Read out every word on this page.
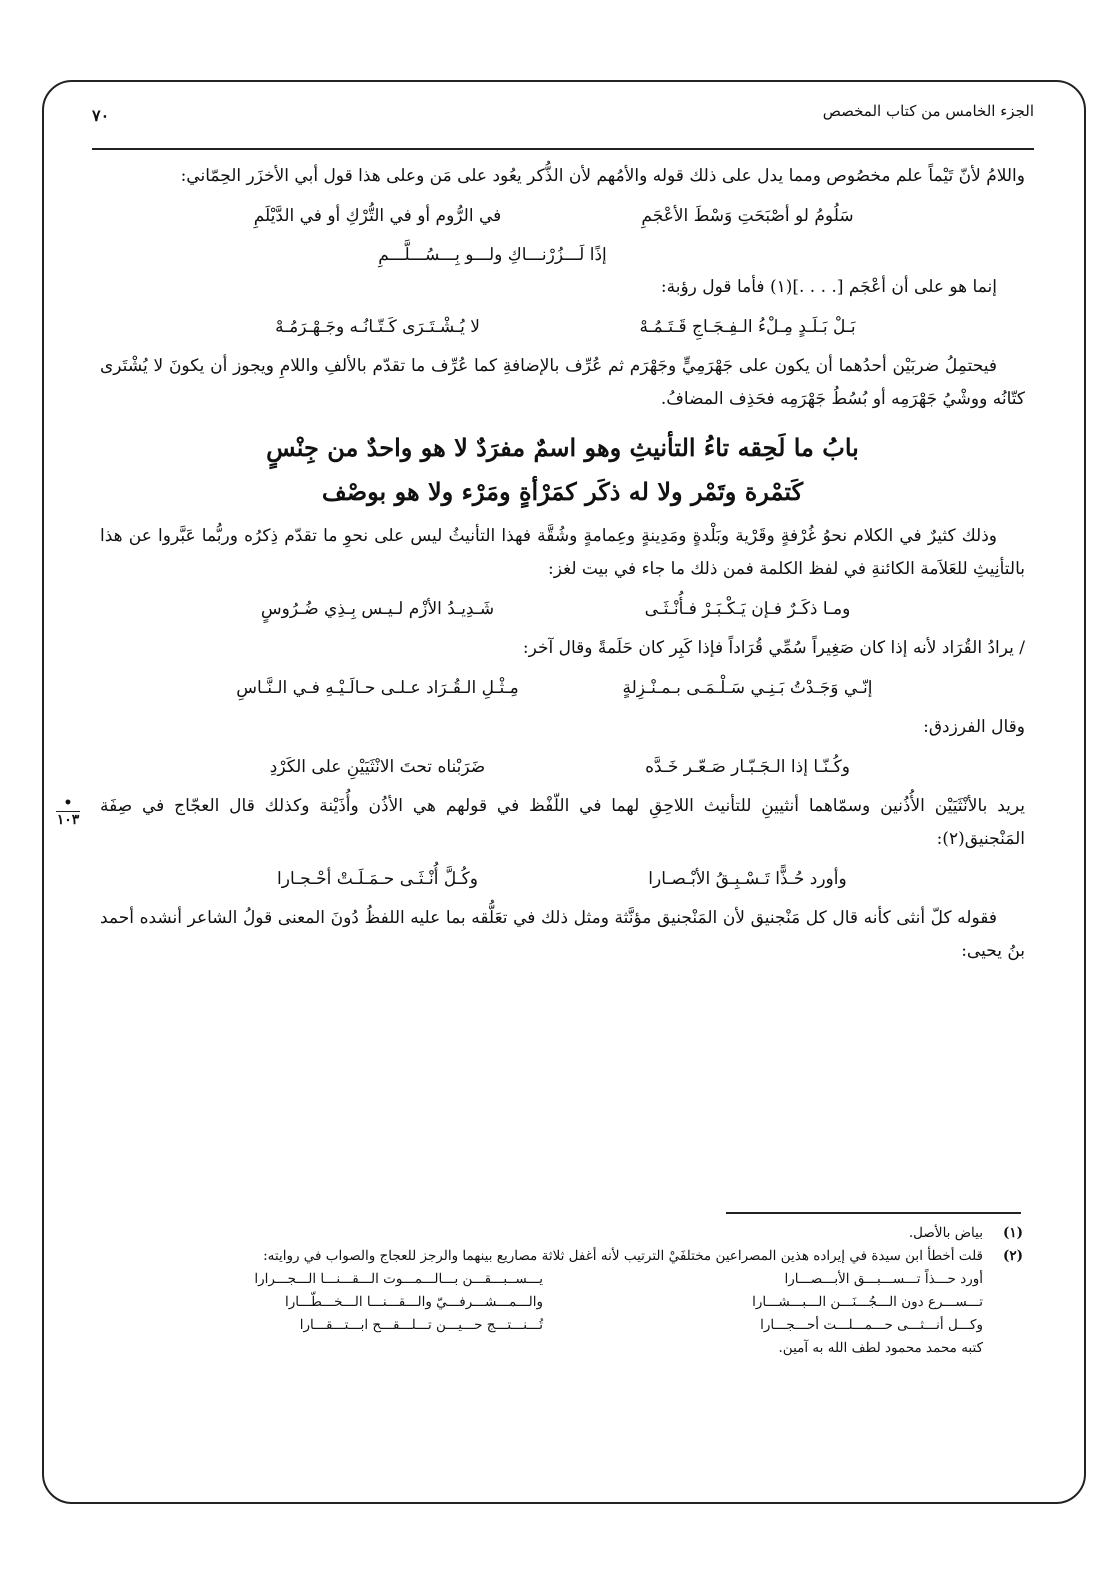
الجزء الخامس من كتاب المخصص
٧٠
•
١٠٣

واللامُ لأنّ تَيْماً علم مخصُوص ومما يدل على ذلك قوله والأمُهم لأن الذُّكر يعُود على مَن وعلى هذا قول أبي الأخزَر الحِمّاني:

سَلُومُ لو أصْبَحَتِ وَسْطَ الأعْجَمِ
في الرُّوم أو في التُّرْكِ أو في الدَّيْلَمِ
إذًا لَـــزُرْنـــاكِ ولـــو بِـــسُـــلَّـــمِ

إنما هو على أن أعْجَم [. . . .](١) فأما قول رؤبة:

بَـلْ بَـلَـدٍ مِـلْءُ الـفِـجَـاجِ قَـتَـمُـهْ
لا يُـشْـتَـرَى كَـتّـانُـه وجَـهْـرَمُـهْ

فيحتمِلُ ضربَيْن أحدُهما أن يكون على جَهْرَمِيٍّ وجَهْرَم ثم عُرِّف بالإضافةِ كما عُرِّف ما تقدّم بالألفِ واللامِ ويجوز أن يكونَ لا يُشْتَرى كتّانُه ووشْيُ جَهْرَمِه أو بُسُطُ جَهْرَمِه فحَذِف المضافُ.

بابُ ما لَحِقه تاءُ التأنيثِ وهو اسمٌ مفرَدٌ لا هو واحدٌ من جِنْسٍ
كَتمْرة وتَمْر ولا له ذكَر كمَرْأةٍ ومَرْء ولا هو بوصْف

وذلك كثيرٌ في الكلام نحوُ غُرْفةٍ وقَرْية وبَلْدةٍ ومَدِينةٍ وعِمامةٍ وشُقَّة فهذا التأنيثُ ليس على نحوِ ما تقدّم ذِكرُه وربُّما عَبَّروا عن هذا بالتأنِيثِ للعَلاَمة الكائنةِ في لفظ الكلمة فمن ذلك ما جاء في بيت لغز:

ومـا ذكَـرٌ فـإن يَـكْـبَـرْ فـأُنْـثَـى
شَـدِيـدُ الأزْم لـيـس بِـذِي ضُـرُوسٍ

/ يرادُ القُرَاد لأنه إذا كان صَغِيراً سُمِّي قُرَاداً فإذا كَبِر كان حَلَمةً وقال آخر:

إنّـي وَجَـدْتُ بَـنِـي سَـلْـمَـى بـمـنْـزِلةٍ
مِـثْـلِ الـقُـرَاد عـلـى حـالَـيْـهِ فـي الـنَّـاسِ

وقال الفرزدق:

وكُـنّـا إذا الـجَـبّـار صَـعّـر خَـدَّه
ضَرَبْناه تحتَ الانْثَيَيْنِ على الكَرْدِ

يريد بالأنْثَيَيْن الأُذُنين وسمّاهما أنثيينِ للتأنيث اللاحِقِ لهما في اللّفْظ في قولهم هي الأذُن وأُذَيْنة وكذلك قال العجّاج في صِفَة المَنْجنيق(٢):

وأورد حُـذًّا تَـسْـبِـقُ الأبْـصـارا
وكُـلَّ أُنْـثَـى حـمَـلَـتْ أحْـجـارا

فقوله كلّ أنثى كأنه قال كل مَنْجنيق لأن المَنْجنيق مؤنَّثة ومثل ذلك في تعَلُّقه بما عليه اللفظُ دُونَ المعنى قولُ الشاعر أنشده أحمد بنُ يحيى:

(١)
بياض بالأصل.
(٢)
قلت أخطأ ابن سيدة في إيراده هذين المصراعين مختلفَيْ الترتيب لأنه أغفل ثلاثة مصاريع بينهما والرجز للعجاج والصواب في روايته:
أورد حـــذاً تـــســـبـــق الأبـــصـــارا
يـــســبـــقـــن بـــالـــمـــوت الـــقـــنـــا الـــجـــرارا
تـــســـرع دون الـــجُـــنَـــن الـــبـــشـــارا
والـــمـــشـــرفـــيّ والـــقـــنـــا الـــخـــطّـــارا
وكـــل أنـــثـــى حـــمـــلـــت أحـــجـــارا
تُـــنـــتـــج حـــيـــن تـــلـــقـــح ابـــتـــقـــارا
كتبه محمد محمود لطف الله به آمين.
